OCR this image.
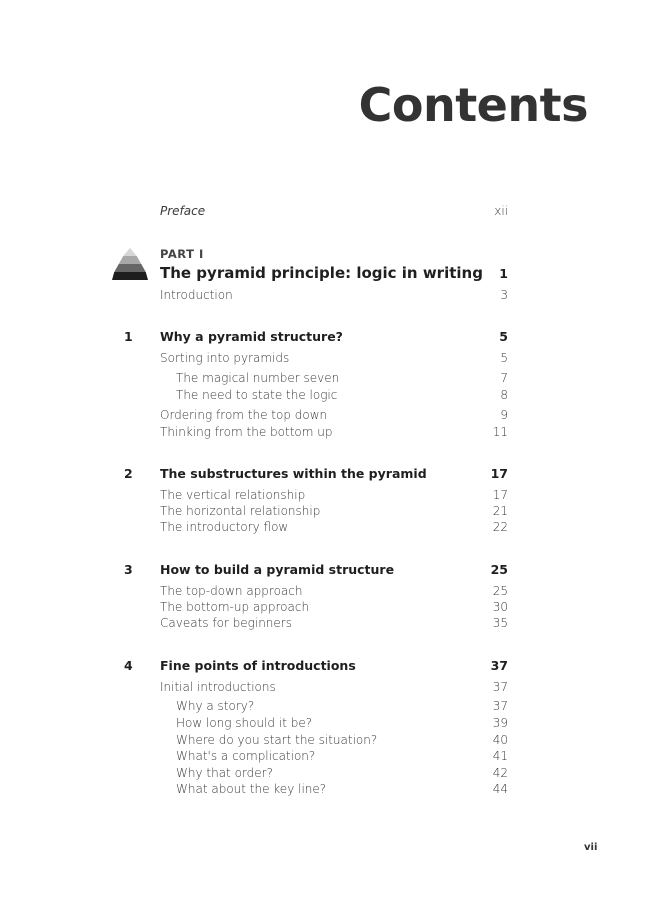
Contents
Preface	xii
PART I
The pyramid principle: logic in writing 1
Introduction	3
1 Why a pyramid structure?	5
Sorting into pyramids	5
The magical number seven	7
The need to state the logic	8
Ordering from the top down	9
Thinking from the bottom up	11
2 The substructures within the pyramid	17
The vertical relationship	17
The horizontal relationship	21
The introductory flow	22
3 How to build a pyramid structure	25
The top-down approach	25
The bottom-up approach	30
Caveats for beginners	35
4 Fine points of introductions	37
Initial introductions	37
Why a story?	37
How long should it be?	39
Where do you start the situation?	40
What's a complication?	41
Why that order?	42
What about the key line?	44
vii
